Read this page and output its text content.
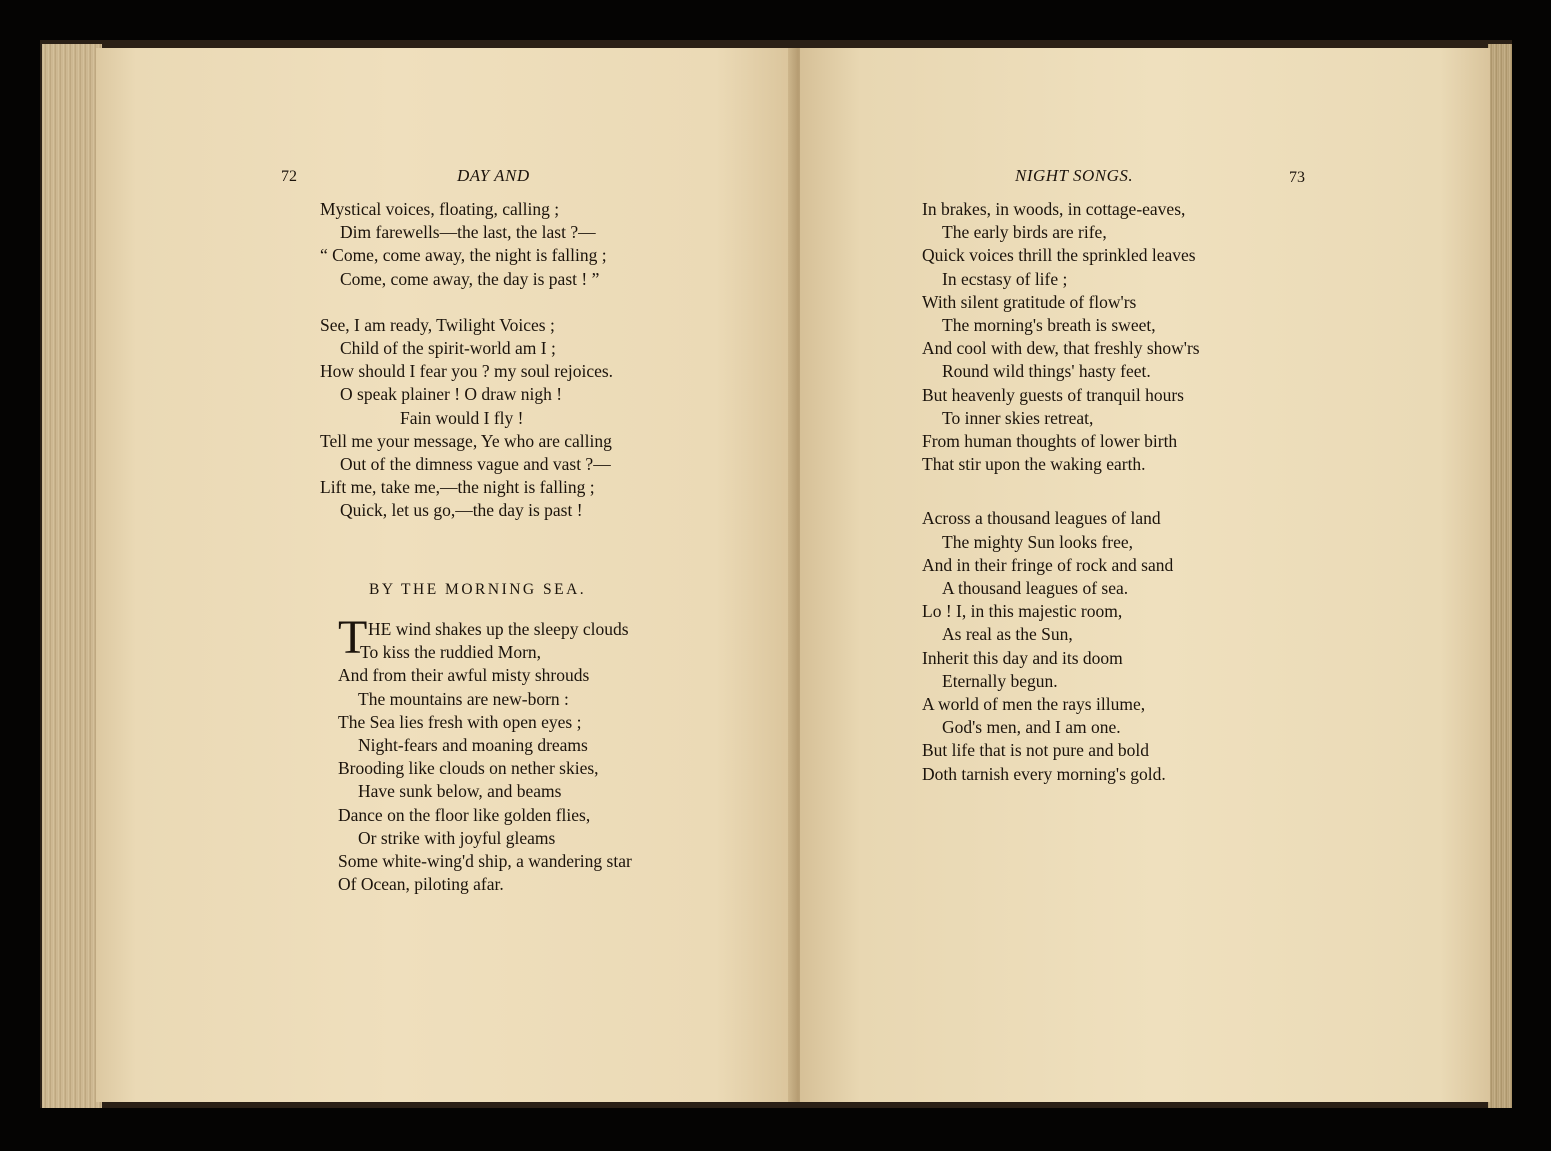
72	DAY AND

Mystical voices, floating, calling ;
Dim farewells—the last, the last ?—
“ Come, come away, the night is falling ;
Come, come away, the day is past ! ”
See, I am ready, Twilight Voices ;
Child of the spirit-world am I ;
How should I fear you ? my soul rejoices.
O speak plainer ! O draw nigh !
Fain would I fly !
Tell me your message, Ye who are calling
Out of the dimness vague and vast ?—
Lift me, take me,—the night is falling ;
Quick, let us go,—the day is past !

BY THE MORNING SEA.

T HE wind shakes up the sleepy clouds
To kiss the ruddied Morn,
And from their awful misty shrouds
The mountains are new-born :
The Sea lies fresh with open eyes ;
Night-fears and moaning dreams
Brooding like clouds on nether skies,
Have sunk below, and beams
Dance on the floor like golden flies,
Or strike with joyful gleams
Some white-wing'd ship, a wandering star
Of Ocean, piloting afar.

NIGHT SONGS.	73

In brakes, in woods, in cottage-eaves,
The early birds are rife,
Quick voices thrill the sprinkled leaves
In ecstasy of life ;
With silent gratitude of flow'rs
The morning's breath is sweet,
And cool with dew, that freshly show'rs
Round wild things' hasty feet.
But heavenly guests of tranquil hours
To inner skies retreat,
From human thoughts of lower birth
That stir upon the waking earth.
Across a thousand leagues of land
The mighty Sun looks free,
And in their fringe of rock and sand
A thousand leagues of sea.
Lo ! I, in this majestic room,
As real as the Sun,
Inherit this day and its doom
Eternally begun.
A world of men the rays illume,
God's men, and I am one.
But life that is not pure and bold
Doth tarnish every morning's gold.
